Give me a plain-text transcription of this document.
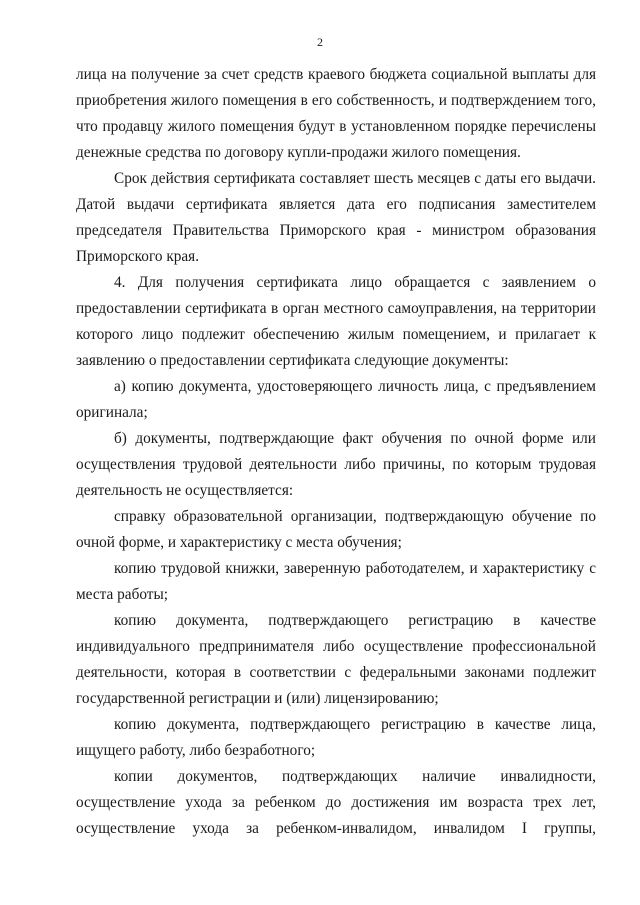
2

лица на получение за счет средств краевого бюджета социальной выплаты для приобретения жилого помещения в его собственность, и подтверждением того, что продавцу жилого помещения будут в установленном порядке перечислены денежные средства по договору купли-продажи жилого помещения.

Срок действия сертификата составляет шесть месяцев с даты его выдачи. Датой выдачи сертификата является дата его подписания заместителем председателя Правительства Приморского края - министром образования Приморского края.

4. Для получения сертификата лицо обращается с заявлением о предоставлении сертификата в орган местного самоуправления, на территории которого лицо подлежит обеспечению жилым помещением, и прилагает к заявлению о предоставлении сертификата следующие документы:

а) копию документа, удостоверяющего личность лица, с предъявлением оригинала;

б) документы, подтверждающие факт обучения по очной форме или осуществления трудовой деятельности либо причины, по которым трудовая деятельность не осуществляется:

справку образовательной организации, подтверждающую обучение по очной форме, и характеристику с места обучения;

копию трудовой книжки, заверенную работодателем, и характеристику с места работы;

копию документа, подтверждающего регистрацию в качестве индивидуального предпринимателя либо осуществление профессиональной деятельности, которая в соответствии с федеральными законами подлежит государственной регистрации и (или) лицензированию;

копию документа, подтверждающего регистрацию в качестве лица, ищущего работу, либо безработного;

копии документов, подтверждающих наличие инвалидности, осуществление ухода за ребенком до достижения им возраста трех лет, осуществление ухода за ребенком-инвалидом, инвалидом I группы,
